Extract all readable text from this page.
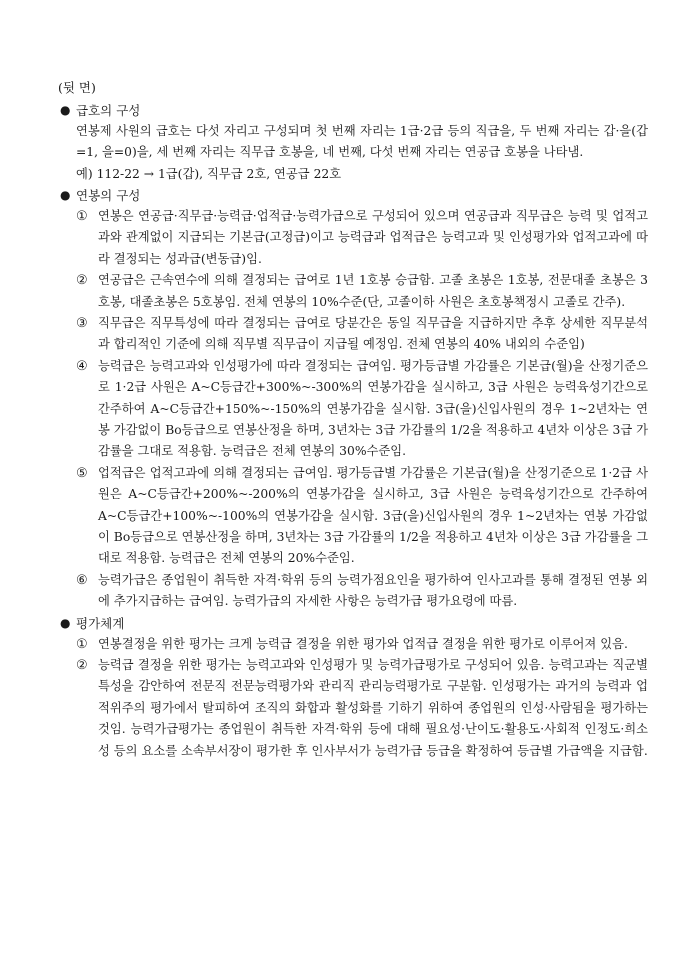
(뒷 면)
● 급호의 구성
연봉제 사원의 급호는 다섯 자리고 구성되며 첫 번째 자리는 1급·2급 등의 직급을, 두 번째 자리는 갑·을(갑=1, 을=0)을, 세 번째 자리는 직무급 호봉을, 네 번째, 다섯 번째 자리는 연공급 호봉을 나타냄.
예) 112-22 → 1급(갑), 직무급 2호, 연공급 22호
● 연봉의 구성
① 연봉은 연공급·직무급·능력급·업적급·능력가급으로 구성되어 있으며 연공급과 직무급은 능력 및 업적고과와 관계없이 지급되는 기본급(고정급)이고 능력급과 업적급은 능력고과 및 인성평가와 업적고과에 따라 결정되는 성과급(변동급)임.
② 연공급은 근속연수에 의해 결정되는 급여로 1년 1호봉 승급함. 고졸 초봉은 1호봉, 전문대졸 초봉은 3호봉, 대졸초봉은 5호봉임. 전체 연봉의 10%수준(단, 고졸이하 사원은 초호봉책정시 고졸로 간주).
③ 직무급은 직무특성에 따라 결정되는 급여로 당분간은 동일 직무급을 지급하지만 추후 상세한 직무분석과 합리적인 기준에 의해 직무별 직무급이 지급될 예정임. 전체 연봉의 40% 내외의 수준임)
④ 능력급은 능력고과와 인성평가에 따라 결정되는 급여임. 평가등급별 가감률은 기본급(월)을 산정기준으로 1·2급 사원은 A~C등급간+300%~-300%의 연봉가감을 실시하고, 3급 사원은 능력육성기간으로 간주하여 A~C등급간+150%~-150%의 연봉가감을 실시함. 3급(을)신입사원의 경우 1~2년차는 연봉 가감없이 Bo등급으로 연봉산정을 하며, 3년차는 3급 가감률의 1/2을 적용하고 4년차 이상은 3급 가감률을 그대로 적용함. 능력급은 전체 연봉의 30%수준임.
⑤ 업적급은 업적고과에 의해 결정되는 급여임. 평가등급별 가감률은 기본급(월)을 산정기준으로 1·2급 사원은 A~C등급간+200%~-200%의 연봉가감을 실시하고, 3급 사원은 능력육성기간으로 간주하여 A~C등급간+100%~-100%의 연봉가감을 실시함. 3급(을)신입사원의 경우 1~2년차는 연봉 가감없이 Bo등급으로 연봉산정을 하며, 3년차는 3급 가감률의 1/2을 적용하고 4년차 이상은 3급 가감률을 그대로 적용함. 능력급은 전체 연봉의 20%수준임.
⑥ 능력가급은 종업원이 취득한 자격·학위 등의 능력가점요인을 평가하여 인사고과를 통해 결정된 연봉 외에 추가지급하는 급여임. 능력가급의 자세한 사항은 능력가급 평가요령에 따름.
● 평가체계
① 연봉결정을 위한 평가는 크게 능력급 결정을 위한 평가와 업적급 결정을 위한 평가로 이루어져 있음.
② 능력급 결정을 위한 평가는 능력고과와 인성평가 및 능력가급평가로 구성되어 있음. 능력고과는 직군별 특성을 감안하여 전문직 전문능력평가와 관리직 관리능력평가로 구분함. 인성평가는 과거의 능력과 업적위주의 평가에서 탈피하여 조직의 화합과 활성화를 기하기 위하여 종업원의 인성·사람됨을 평가하는 것임. 능력가급평가는 종업원이 취득한 자격·학위 등에 대해 필요성·난이도·활용도·사회적 인정도·희소성 등의 요소를 소속부서장이 평가한 후 인사부서가 능력가급 등급을 확정하여 등급별 가급액을 지급함.
